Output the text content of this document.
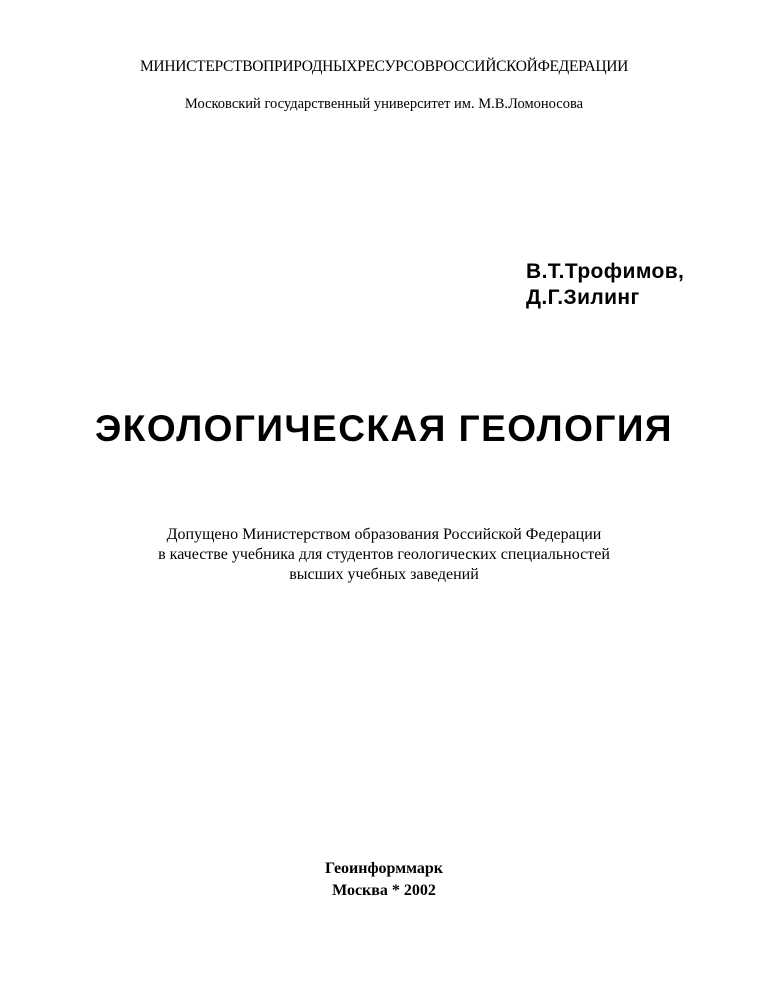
МИНИСТЕРСТВОПРИРОДНЫХРЕСУРСОВРОССИЙСКОЙФЕДЕРАЦИИ
Московский государственный университет им. М.В.Ломоносова
В.Т.Трофимов,
Д.Г.Зилинг
ЭКОЛОГИЧЕСКАЯ ГЕОЛОГИЯ
Допущено Министерством образования Российской Федерации
в качестве учебника для студентов геологических специальностей
высших учебных заведений
Геоинформмарк
Москва * 2002
